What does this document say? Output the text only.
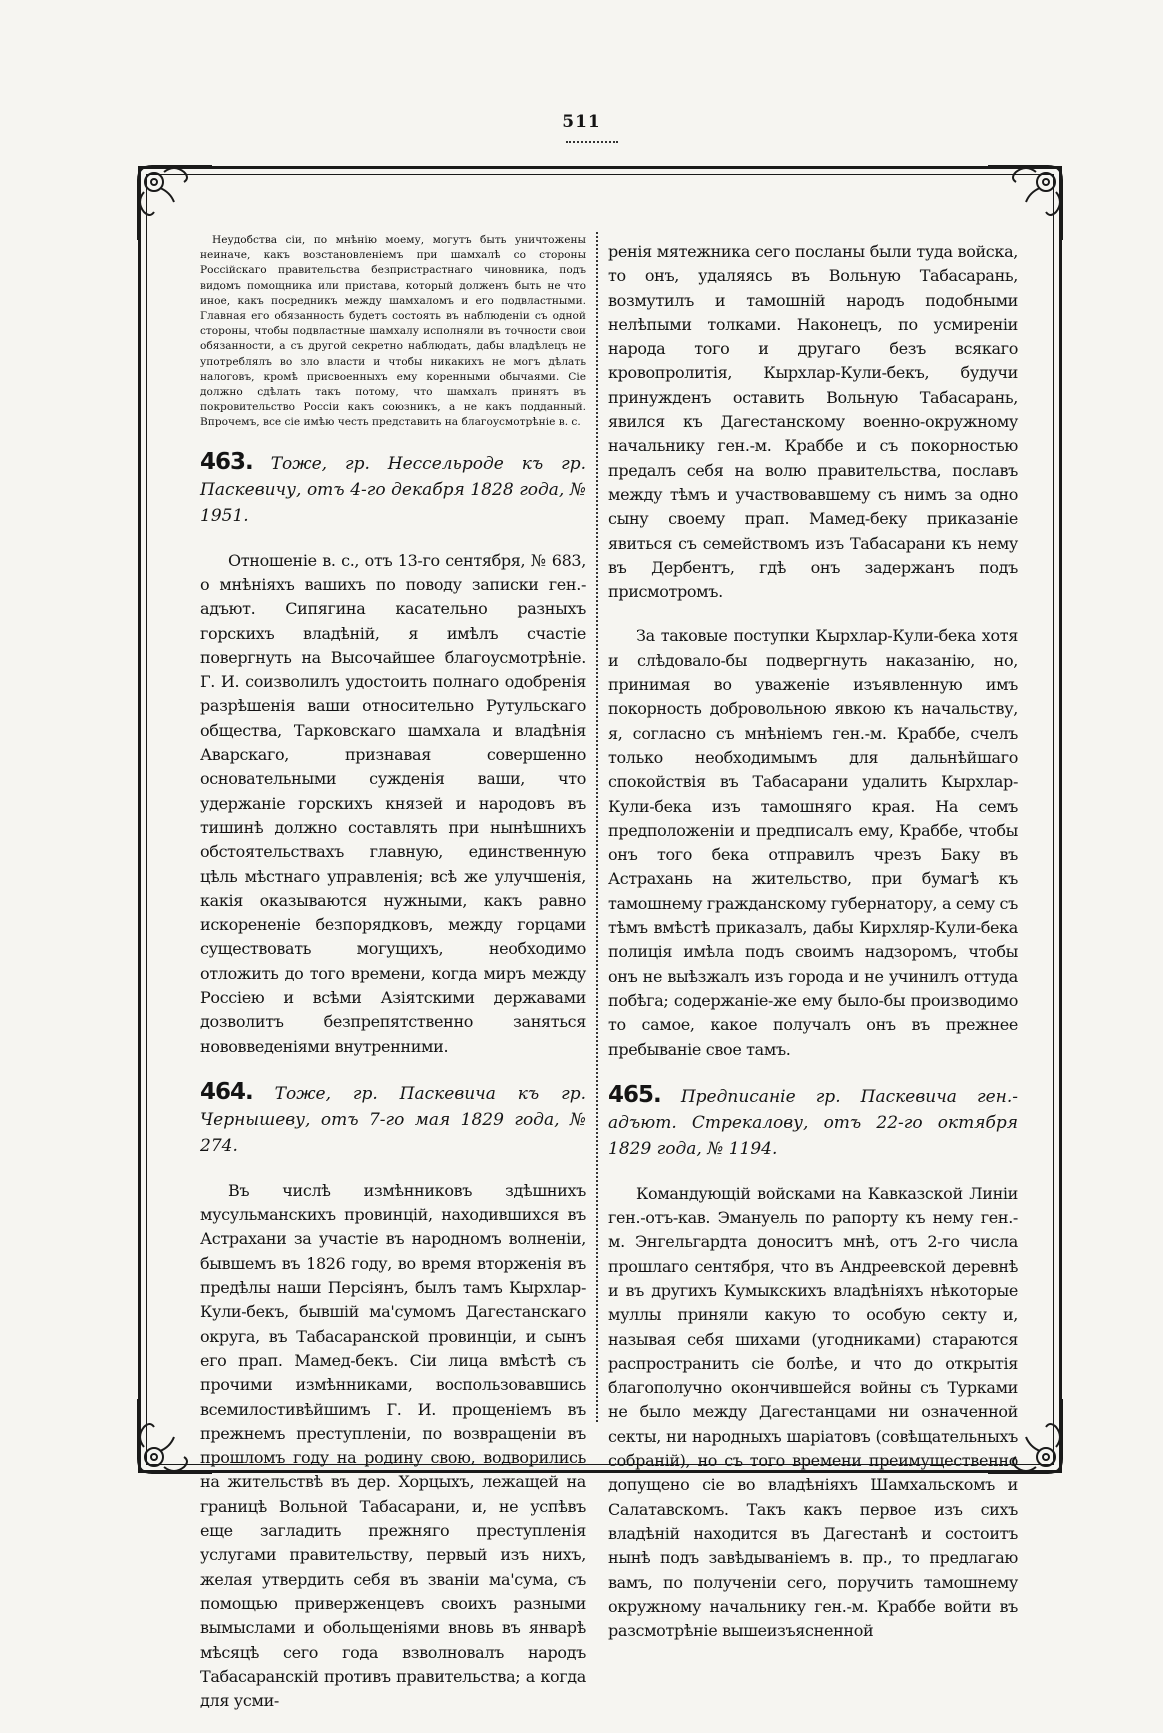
511

Неудобства сіи, по мнѣнію моему, могутъ быть уничтожены неиначе, какъ возстановленіемъ при шамхалѣ со стороны Россійскаго правительства безпристрастнаго чиновника, подъ видомъ помощника или пристава, который долженъ быть не что иное, какъ посредникъ между шамхаломъ и его подвластными. Главная его обязанность будетъ состоять въ наблюденіи съ одной стороны, чтобы подвластные шамхалу исполняли въ точности свои обязанности, а съ другой секретно наблюдать, дабы владѣлецъ не употреблялъ во зло власти и чтобы никакихъ не могъ дѣлать налоговъ, кромѣ присвоенныхъ ему коренными обычаями. Сіе должно сдѣлать такъ потому, что шамхалъ принятъ въ покровительство Россіи какъ союзникъ, а не какъ подданный. Впрочемъ, все сіе имѣю честь представить на благоусмотрѣніе в. с.

463. Тоже, гр. Нессельроде къ гр. Паскевичу, отъ 4-го декабря 1828 года, № 1951.

Отношеніе в. с., отъ 13-го сентября, № 683, о мнѣніяхъ вашихъ по поводу записки ген.-адъют. Сипягина касательно разныхъ горскихъ владѣній, я имѣлъ счастіе повергнуть на Высочайшее благоусмотрѣніе. Г. И. соизволилъ удостоить полнаго одобренія разрѣшенія ваши относительно Рутульскаго общества, Тарковскаго шамхала и владѣнія Аварскаго, признавая совершенно основательными сужденія ваши, что удержаніе горскихъ князей и народовъ въ тишинѣ должно составлять при нынѣшнихъ обстоятельствахъ главную, единственную цѣль мѣстнаго управленія; всѣ же улучшенія, какія оказываются нужными, какъ равно искорененіе безпорядковъ, между горцами существовать могущихъ, необходимо отложить до того времени, когда миръ между Россіею и всѣми Азіятскими державами дозволитъ безпрепятственно заняться нововведеніями внутренними.

464. Тоже, гр. Паскевича къ гр. Чернышеву, отъ 7-го мая 1829 года, № 274.

Въ числѣ измѣнниковъ здѣшнихъ мусульманскихъ провинцій, находившихся въ Астрахани за участіе въ народномъ волненіи, бывшемъ въ 1826 году, во время вторженія въ предѣлы наши Персіянъ, былъ тамъ Кырхлар-Кули-бекъ, бывшій ма'сумомъ Дагестанскаго округа, въ Табасаранской провинціи, и сынъ его прап. Мамед-бекъ. Сіи лица вмѣстѣ съ прочими измѣнниками, воспользовавшись всемилостивѣйшимъ Г. И. прощеніемъ въ прежнемъ преступленіи, по возвращеніи въ прошломъ году на родину свою, водворились на жительствѣ въ дер. Хорцыхъ, лежащей на границѣ Вольной Табасарани, и, не успѣвъ еще загладить прежняго преступленія услугами правительству, первый изъ нихъ, желая утвердить себя въ званіи ма'сума, съ помощью приверженцевъ своихъ разными вымыслами и обольщеніями вновь въ январѣ мѣсяцѣ сего года взволновалъ народъ Табасаранскій противъ правительства; а когда для усми-

ренія мятежника сего посланы были туда войска, то онъ, удаляясь въ Вольную Табасарань, возмутилъ и тамошній народъ подобными нелѣпыми толками. Наконецъ, по усмиреніи народа того и другаго безъ всякаго кровопролитія, Кырхлар-Кули-бекъ, будучи принужденъ оставить Вольную Табасарань, явился къ Дагестанскому военно-окружному начальнику ген.-м. Краббе и съ покорностью предалъ себя на волю правительства, пославъ между тѣмъ и участвовавшему съ нимъ за одно сыну своему прап. Мамед-беку приказаніе явиться съ семействомъ изъ Табасарани къ нему въ Дербентъ, гдѣ онъ задержанъ подъ присмотромъ.

За таковые поступки Кырхлар-Кули-бека хотя и слѣдовало-бы подвергнуть наказанію, но, принимая во уваженіе изъявленную имъ покорность добровольною явкою къ начальству, я, согласно съ мнѣніемъ ген.-м. Краббе, счелъ только необходимымъ для дальнѣйшаго спокойствія въ Табасарани удалить Кырхлар-Кули-бека изъ тамошняго края. На семъ предположеніи и предписалъ ему, Краббе, чтобы онъ того бека отправилъ чрезъ Баку въ Астрахань на жительство, при бумагѣ къ тамошнему гражданскому губернатору, а сему съ тѣмъ вмѣстѣ приказалъ, дабы Кирхляр-Кули-бека полиція имѣла подъ своимъ надзоромъ, чтобы онъ не выѣзжалъ изъ города и не учинилъ оттуда побѣга; содержаніе-же ему было-бы производимо то самое, какое получалъ онъ въ прежнее пребываніе свое тамъ.

465. Предписаніе гр. Паскевича ген.-адъют. Стрекалову, отъ 22-го октября 1829 года, № 1194.

Командующій войсками на Кавказской Линіи ген.-отъ-кав. Эмануель по рапорту къ нему ген.-м. Энгельгардта доноситъ мнѣ, отъ 2-го числа прошлаго сентября, что въ Андреевской деревнѣ и въ другихъ Кумыкскихъ владѣніяхъ нѣкоторые муллы приняли какую то особую секту и, называя себя шихами (угодниками) стараются распространить сіе болѣе, и что до открытія благополучно окончившейся войны съ Турками не было между Дагестанцами ни означенной секты, ни народныхъ шаріатовъ (совѣщательныхъ собраній), но съ того времени преимущественно допущено сіе во владѣніяхъ Шамхальскомъ и Салатавскомъ. Такъ какъ первое изъ сихъ владѣній находится въ Дагестанѣ и состоитъ нынѣ подъ завѣдываніемъ в. пр., то предлагаю вамъ, по полученіи сего, поручить тамошнему окружному начальнику ген.-м. Краббе войти въ разсмотрѣніе вышеизъясненной
